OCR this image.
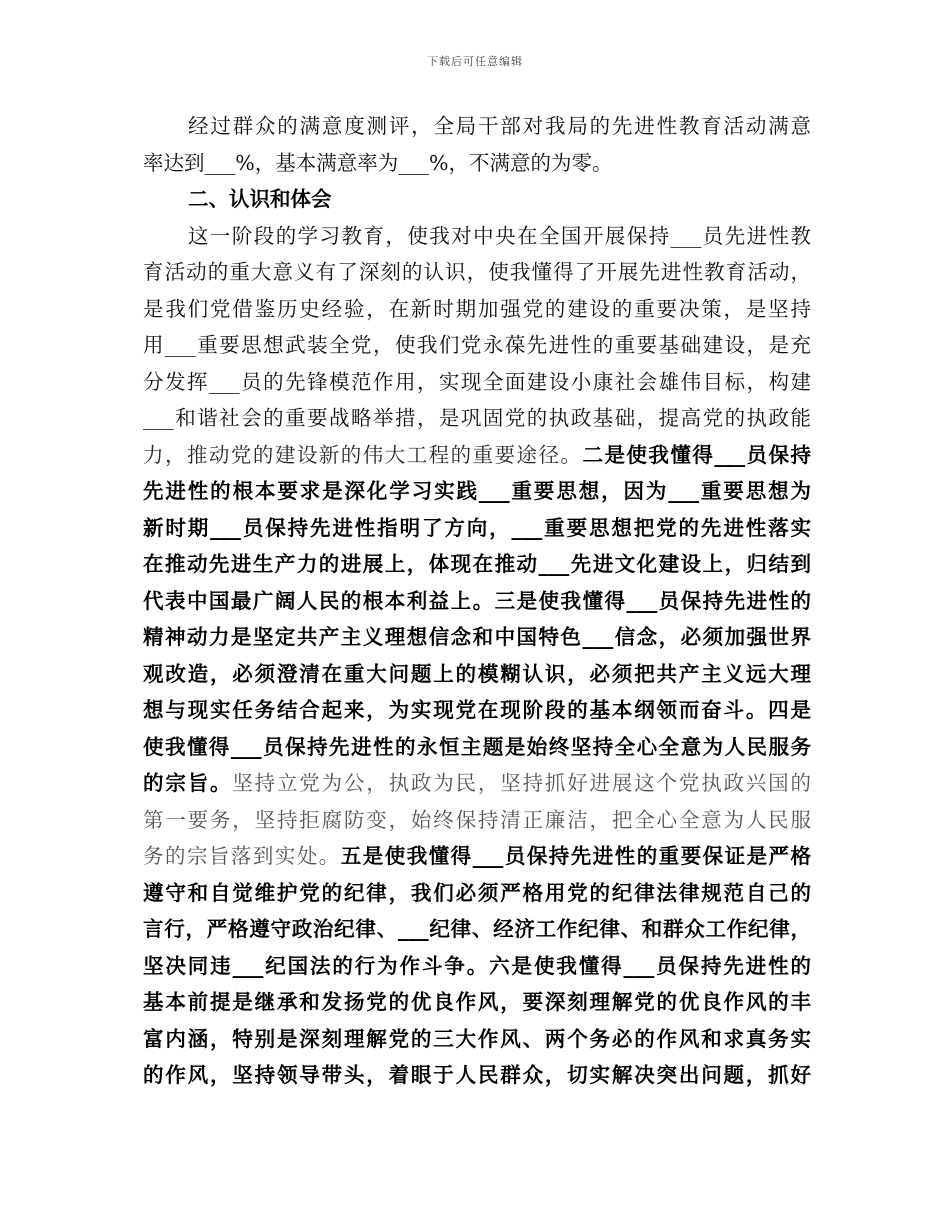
下载后可任意编辑
经过群众的满意度测评，全局干部对我局的先进性教育活动满意
率达到___%，基本满意率为___%，不满意的为零。
二、认识和体会
这一阶段的学习教育，使我对中央在全国开展保持___员先进性教
育活动的重大意义有了深刻的认识，使我懂得了开展先进性教育活动，
是我们党借鉴历史经验，在新时期加强党的建设的重要决策，是坚持
用___重要思想武装全党，使我们党永葆先进性的重要基础建设，是充
分发挥___员的先锋模范作用，实现全面建设小康社会雄伟目标，构建
___和谐社会的重要战略举措，是巩固党的执政基础，提高党的执政能
力，推动党的建设新的伟大工程的重要途径。二是使我懂得___员保持
先进性的根本要求是深化学习实践___重要思想，因为___重要思想为
新时期___员保持先进性指明了方向，___重要思想把党的先进性落实
在推动先进生产力的进展上，体现在推动___先进文化建设上，归结到
代表中国最广阔人民的根本利益上。三是使我懂得___员保持先进性的
精神动力是坚定共产主义理想信念和中国特色___信念，必须加强世界
观改造，必须澄清在重大问题上的模糊认识，必须把共产主义远大理
想与现实任务结合起来，为实现党在现阶段的基本纲领而奋斗。四是
使我懂得___员保持先进性的永恒主题是始终坚持全心全意为人民服务
的宗旨。坚持立党为公，执政为民，坚持抓好进展这个党执政兴国的
第一要务，坚持拒腐防变，始终保持清正廉洁，把全心全意为人民服
务的宗旨落到实处。五是使我懂得___员保持先进性的重要保证是严格
遵守和自觉维护党的纪律，我们必须严格用党的纪律法律规范自己的
言行，严格遵守政治纪律、___纪律、经济工作纪律、和群众工作纪律，
坚决同违___纪国法的行为作斗争。六是使我懂得___员保持先进性的
基本前提是继承和发扬党的优良作风，要深刻理解党的优良作风的丰
富内涵，特别是深刻理解党的三大作风、两个务必的作风和求真务实
的作风，坚持领导带头，着眼于人民群众，切实解决突出问题，抓好
